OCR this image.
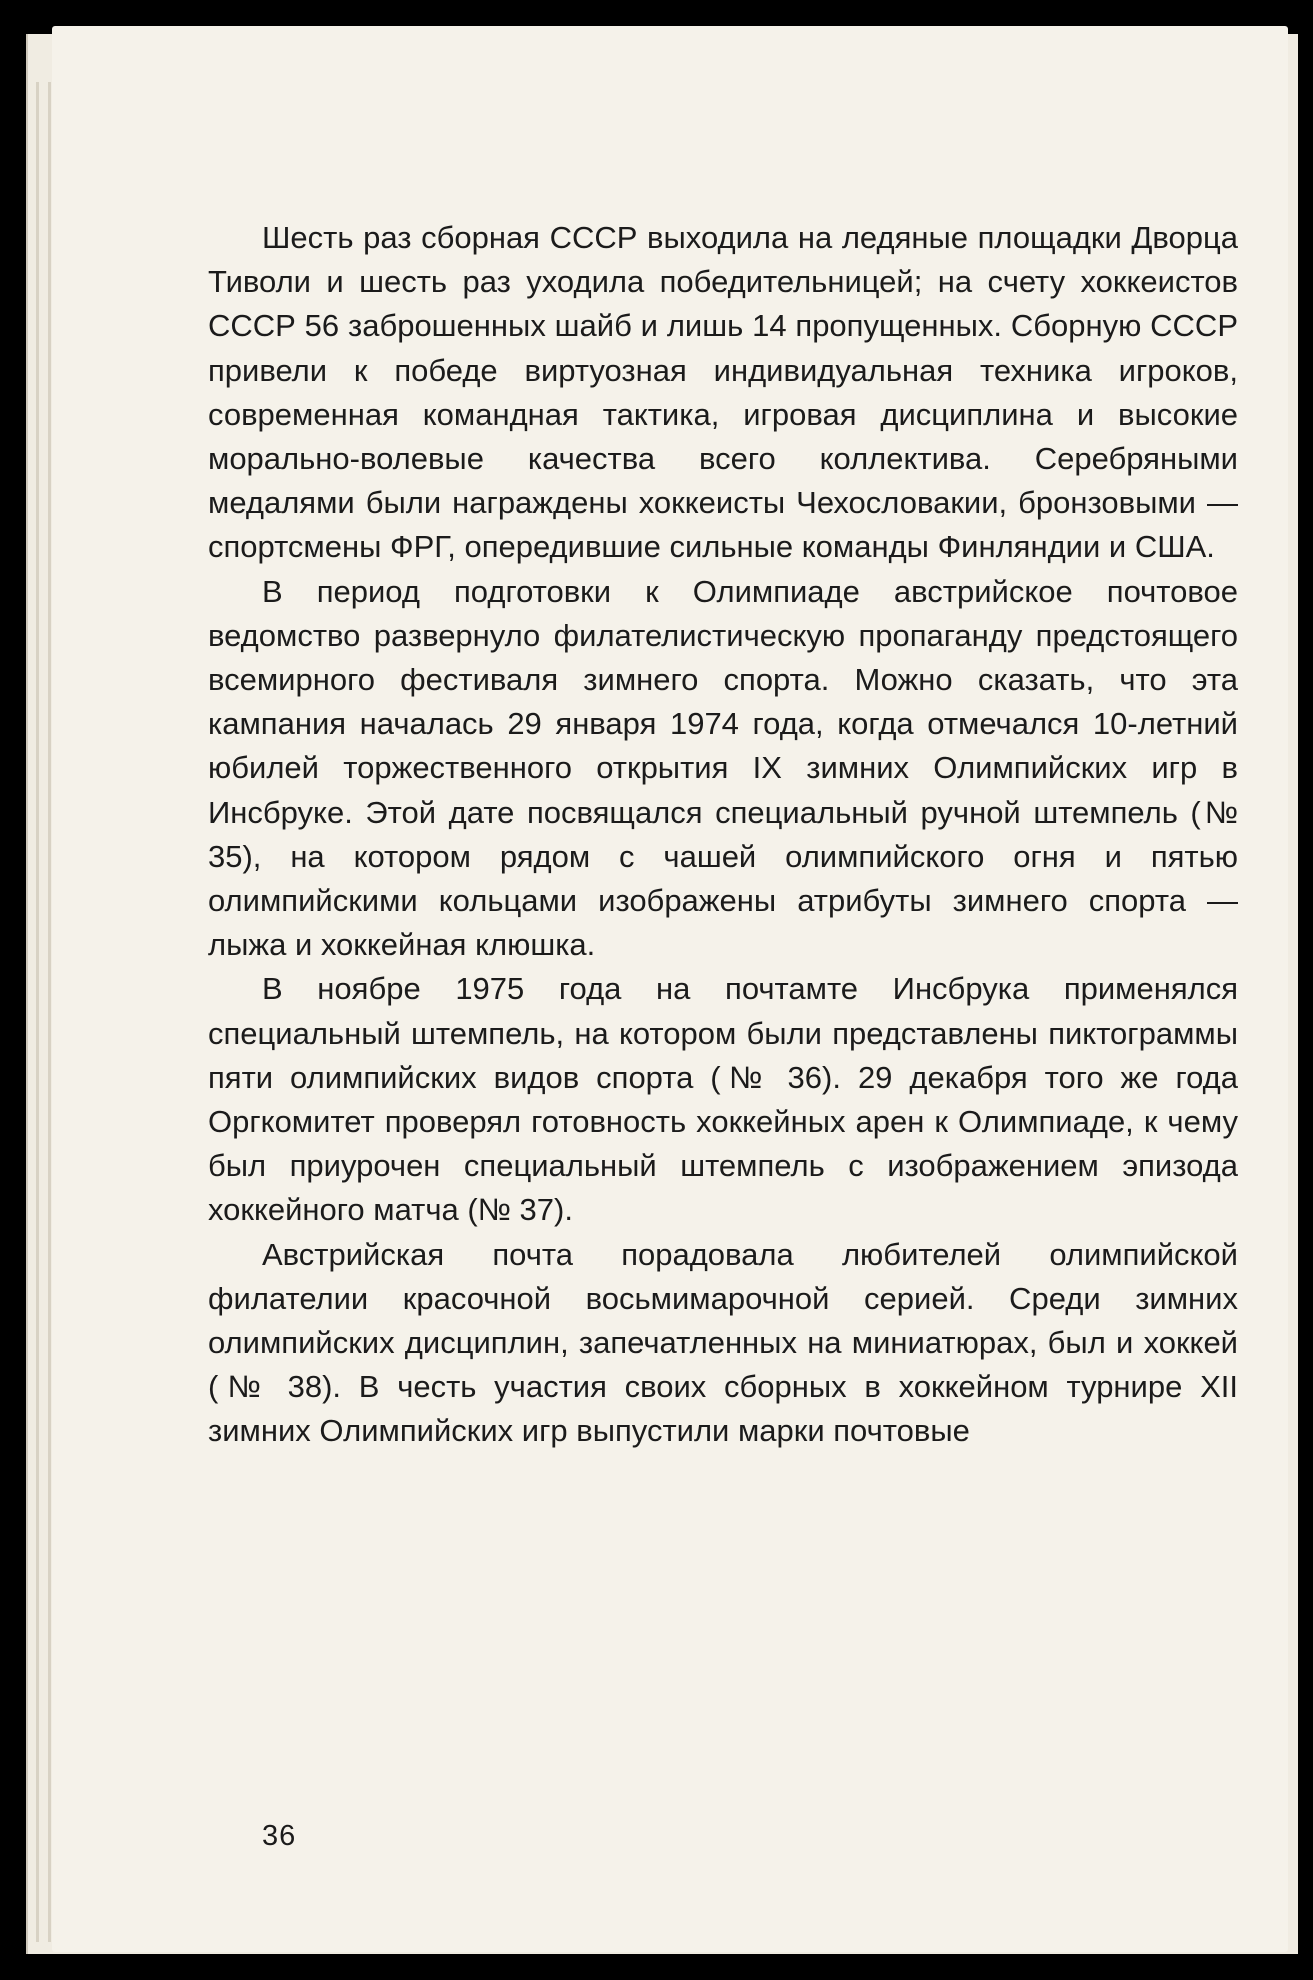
Шесть раз сборная СССР выходила на ледяные площадки Дворца Тиволи и шесть раз уходила победительницей; на счету хоккеистов СССР 56 заброшенных шайб и лишь 14 пропущенных. Сборную СССР привели к победе виртуозная индивидуальная техника игроков, современная командная тактика, игровая дисциплина и высокие морально-волевые качества всего коллектива. Серебряными медалями были награждены хоккеисты Чехословакии, бронзовыми — спортсмены ФРГ, опередившие сильные команды Финляндии и США.

В период подготовки к Олимпиаде австрийское почтовое ведомство развернуло филателистическую пропаганду предстоящего всемирного фестиваля зимнего спорта. Можно сказать, что эта кампания началась 29 января 1974 года, когда отмечался 10-летний юбилей торжественного открытия IX зимних Олимпийских игр в Инсбруке. Этой дате посвящался специальный ручной штемпель (№ 35), на котором рядом с чашей олимпийского огня и пятью олимпийскими кольцами изображены атрибуты зимнего спорта — лыжа и хоккейная клюшка.

В ноябре 1975 года на почтамте Инсбрука применялся специальный штемпель, на котором были представлены пиктограммы пяти олимпийских видов спорта (№ 36). 29 декабря того же года Оргкомитет проверял готовность хоккейных арен к Олимпиаде, к чему был приурочен специальный штемпель с изображением эпизода хоккейного матча (№ 37).

Австрийская почта порадовала любителей олимпийской филателии красочной восьмимарочной серией. Среди зимних олимпийских дисциплин, запечатленных на миниатюрах, был и хоккей (№ 38). В честь участия своих сборных в хоккейном турнире XII зимних Олимпийских игр выпустили марки почтовые

36
